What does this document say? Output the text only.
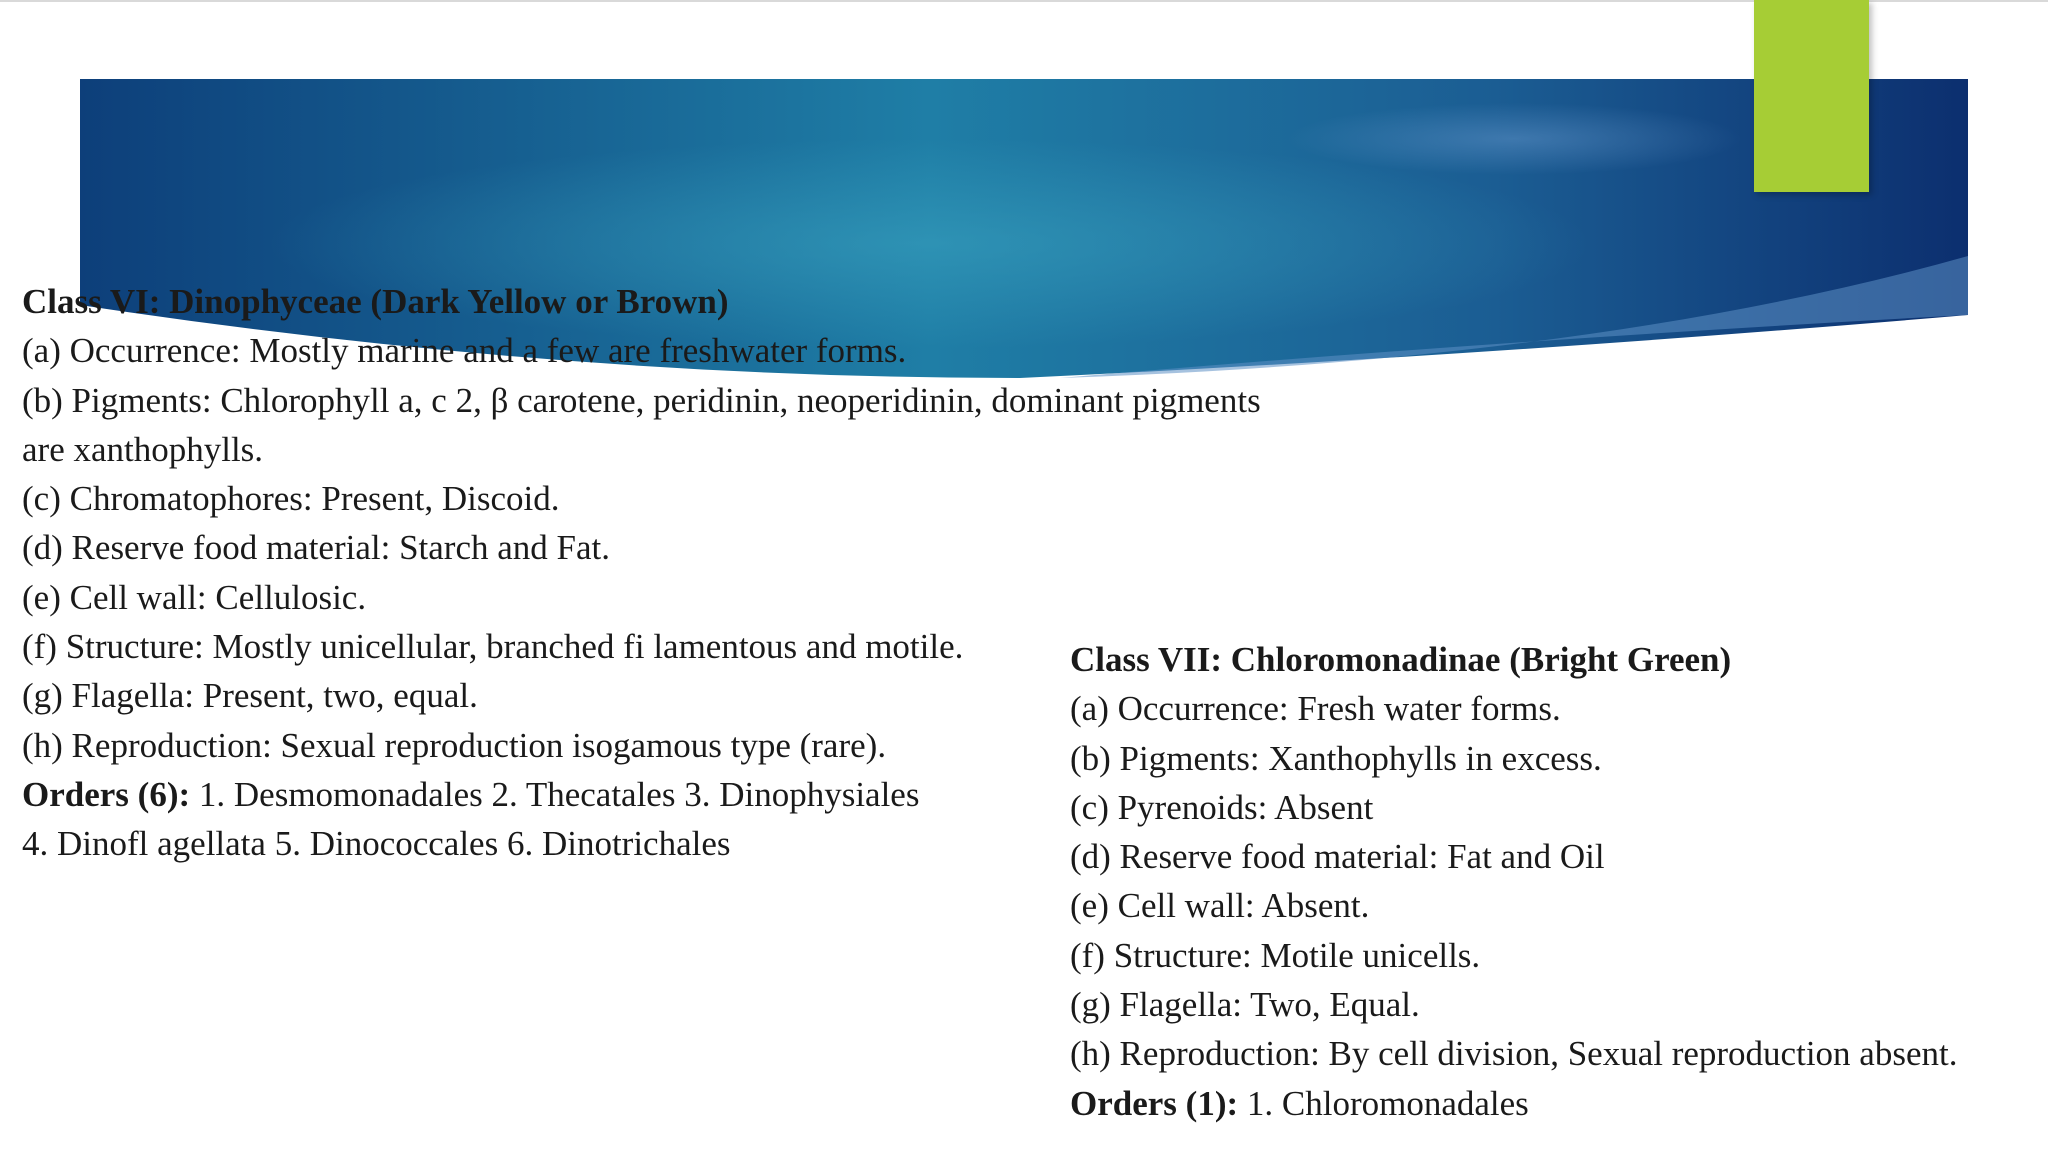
Class VI: Dinophyceae (Dark Yellow or Brown)
(a) Occurrence: Mostly marine and a few are freshwater forms.
(b) Pigments: Chlorophyll a, c 2, β carotene, peridinin, neoperidinin, dominant pigments
are xanthophylls.
(c) Chromatophores: Present, Discoid.
(d) Reserve food material: Starch and Fat.
(e) Cell wall: Cellulosic.
(f) Structure: Mostly unicellular, branched fi lamentous and motile.
(g) Flagella: Present, two, equal.
(h) Reproduction: Sexual reproduction isogamous type (rare).
Orders (6): 1. Desmomonadales 2. Thecatales 3. Dinophysiales
4. Dinofl agellata 5. Dinococcales 6. Dinotrichales
Class VII: Chloromonadinae (Bright Green)
(a) Occurrence: Fresh water forms.
(b) Pigments: Xanthophylls in excess.
(c) Pyrenoids: Absent
(d) Reserve food material: Fat and Oil
(e) Cell wall: Absent.
(f) Structure: Motile unicells.
(g) Flagella: Two, Equal.
(h) Reproduction: By cell division, Sexual reproduction absent.
Orders (1): 1. Chloromonadales
